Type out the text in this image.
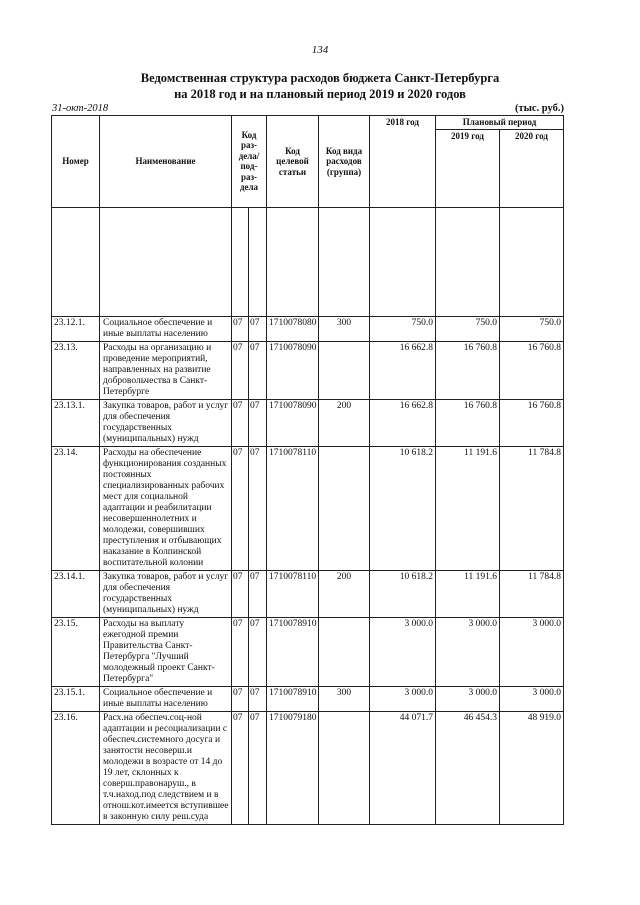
134
Ведомственная структура расходов бюджета Санкт-Петербурга
на 2018 год и на плановый период 2019 и 2020 годов
31-окт-2018	(тыс. руб.)
Номер	Наименование	Код раз-дела/ под-раз-дела		Код целевой статьи	Код вида расходов (группа)	2018 год	Плановый период	
							2019 год	2020 год

23.12.1.	Социальное обеспечение и иные выплаты населению	07	07	1710078080	300	750.0	750.0	750.0
23.13.	Расходы на организацию и проведение мероприятий, направленных на развитие добровольчества в Санкт-Петербурге	07	07	1710078090		16 662.8	16 760.8	16 760.8
23.13.1.	Закупка товаров, работ и услуг для обеспечения государственных (муниципальных) нужд	07	07	1710078090	200	16 662.8	16 760.8	16 760.8
23.14.	Расходы на обеспечение функционирования созданных постоянных специализированных рабочих мест для социальной адаптации и реабилитации несовершеннолетних и молодежи, совершивших преступления и отбывающих наказание в Колпинской воспитательной колонии	07	07	1710078110		10 618.2	11 191.6	11 784.8
23.14.1.	Закупка товаров, работ и услуг для обеспечения государственных (муниципальных) нужд	07	07	1710078110	200	10 618.2	11 191.6	11 784.8
23.15.	Расходы на выплату ежегодной премии Правительства Санкт-Петербурга "Лучший молодежный проект Санкт-Петербурга"	07	07	1710078910		3 000.0	3 000.0	3 000.0
23.15.1.	Социальное обеспечение и иные выплаты населению	07	07	1710078910	300	3 000.0	3 000.0	3 000.0
23.16.	Расх.на обеспеч.соц-ной адаптации и ресоциализации с обеспеч.системного досуга и занятости несоверш.и молодежи в возрасте от 14 до 19 лет, склонных к соверш.правонаруш., в т.ч.наход.под следствием и в отнош.кот.имеется вступившее в законную силу реш.суда	07	07	1710079180		44 071.7	46 454.3	48 919.0
